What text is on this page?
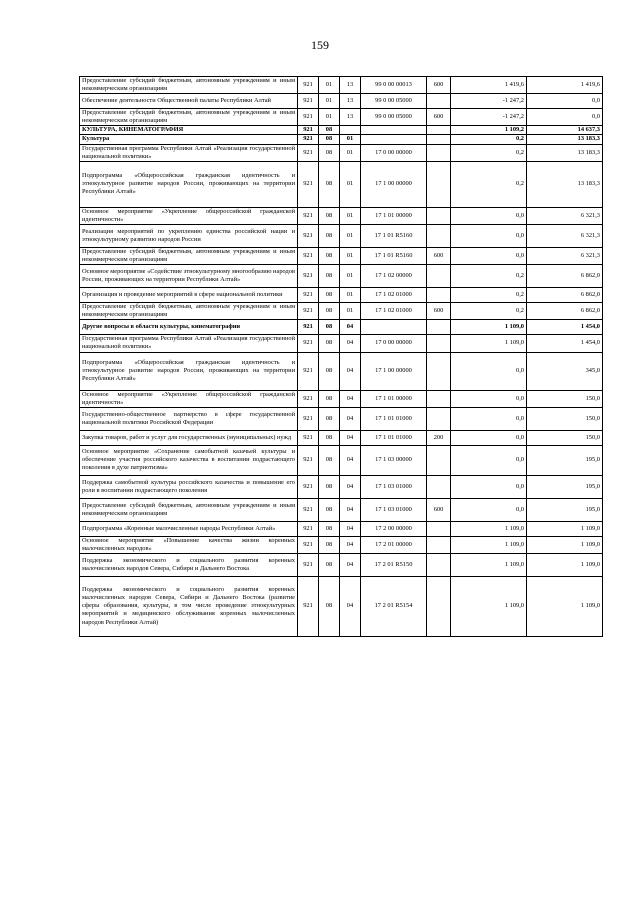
159
Предоставление субсидий бюджетным, автономным учреждениям и иным некоммерческим организациям	921	01	13	99 0 00 00013	600	1 419,6	1 419,6
Обеспечение деятельности Общественной палаты Республики Алтай	921	01	13	99 0 00 05000		-1 247,2	0,0
Предоставление субсидий бюджетным, автономным учреждениям и иным некоммерческим организациям	921	01	13	99 0 00 05000	600	-1 247,2	0,0
КУЛЬТУРА, КИНЕМАТОГРАФИЯ	921	08				1 109,2	14 637,3
Культура	921	08	01			0,2	13 183,3
Государственная программа Республики Алтай «Реализация государственной национальной политики»	921	08	01	17 0 00 00000		0,2	13 183,3
Подпрограмма «Общероссийская гражданская идентичность и этнокультурное развитие народов России, проживающих на территории Республики Алтай»	921	08	01	17 1 00 00000		0,2	13 183,3
Основное мероприятие «Укрепление общероссийской гражданской идентичности»	921	08	01	17 1 01 00000		0,0	6 321,3
Реализация мероприятий по укреплению единства российской нации и этнокультурному развитию народов России	921	08	01	17 1 01 R5160		0,0	6 321,3
Предоставление субсидий бюджетным, автономным учреждениям и иным некоммерческим организациям	921	08	01	17 1 01 R5160	600	0,0	6 321,3
Основное мероприятие «Содействие этнокультурному многообразию народов России, проживающих на территории Республики Алтай»	921	08	01	17 1 02 00000		0,2	6 862,0
Организация и проведение мероприятий в сфере национальной политики	921	08	01	17 1 02 01000		0,2	6 862,0
Предоставление субсидий бюджетным, автономным учреждениям и иным некоммерческим организациям	921	08	01	17 1 02 01000	600	0,2	6 862,0
Другие вопросы в области культуры, кинематографии	921	08	04			1 109,0	1 454,0
Государственная программа Республики Алтай «Реализация государственной национальной политики»	921	08	04	17 0 00 00000		1 109,0	1 454,0
Подпрограмма «Общероссийская гражданская идентичность и этнокультурное развитие народов России, проживающих на территории Республики Алтай»	921	08	04	17 1 00 00000		0,0	345,0
Основное мероприятие «Укрепление общероссийской гражданской идентичности»	921	08	04	17 1 01 00000		0,0	150,0
Государственно-общественное партнерство в сфере государственной национальной политики Российской Федерации	921	08	04	17 1 01 01000		0,0	150,0
Закупка товаров, работ и услуг для государственных (муниципальных) нужд	921	08	04	17 1 01 01000	200	0,0	150,0
Основное мероприятие «Сохранение самобытной казачьей культуры и обеспечение участия российского казачества в воспитании подрастающего поколения в духе патриотизма»	921	08	04	17 1 03 00000		0,0	195,0
Поддержка самобытной культуры российского казачества и повышение его роли в воспитании подрастающего поколения	921	08	04	17 1 03 01000		0,0	195,0
Предоставление субсидий бюджетным, автономным учреждениям и иным некоммерческим организациям	921	08	04	17 1 03 01000	600	0,0	195,0
Подпрограмма «Коренные малочисленные народы Республики Алтай»	921	08	04	17 2 00 00000		1 109,0	1 109,0
Основное мероприятие «Повышение качества жизни коренных малочисленных народов»	921	08	04	17 2 01 00000		1 109,0	1 109,0
Поддержка экономического и социального развития коренных малочисленных народов Севера, Сибири и Дальнего Востока	921	08	04	17 2 01 R5150		1 109,0	1 109,0
Поддержка экономического и социального развития коренных малочисленных народов Севера, Сибири и Дальнего Востока (развитие сферы образования, культуры, в том числе проведение этнокультурных мероприятий и медицинского обслуживания коренных малочисленных народов Республики Алтай)	921	08	04	17 2 01 R5154		1 109,0	1 109,0
